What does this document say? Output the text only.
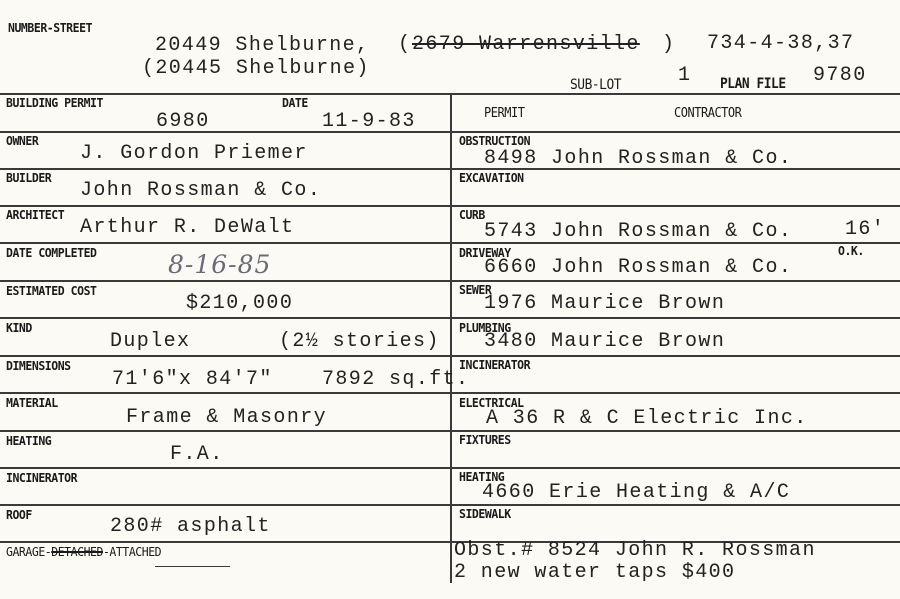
NUMBER-STREET
20449 Shelburne, ( 2679 Warrensville )
(20445 Shelburne)
734-4-38,37
SUB-LOT	1 PLAN FILE 9780
BUILDING PERMIT	DATE
6980	11-9-83
OWNER
J. Gordon Priemer
BUILDER
John Rossman & Co.
ARCHITECT
Arthur R. DeWalt
DATE COMPLETED	8-16-85
ESTIMATED COST
$210,000
KIND
Duplex	(2½ stories)
DIMENSIONS
71'6"x 84'7" 7892 sq.ft.
MATERIAL
Frame & Masonry
HEATING
F.A.
INCINERATOR
ROOF
280# asphalt
GARAGE-DETACHED-ATTACHED
PERMIT	CONTRACTOR
OBSTRUCTION
8498 John Rossman & Co.
EXCAVATION
CURB
5743 John Rossman & Co.	16'
DRIVEWAY	O.K.
6660 John Rossman & Co.
SEWER
1976 Maurice Brown
PLUMBING
3480 Maurice Brown
INCINERATOR
ELECTRICAL
A 36 R & C Electric Inc.
FIXTURES
HEATING
4660 Erie Heating & A/C
SIDEWALK
Obst.# 8524 John R. Rossman
2 new water taps $400
